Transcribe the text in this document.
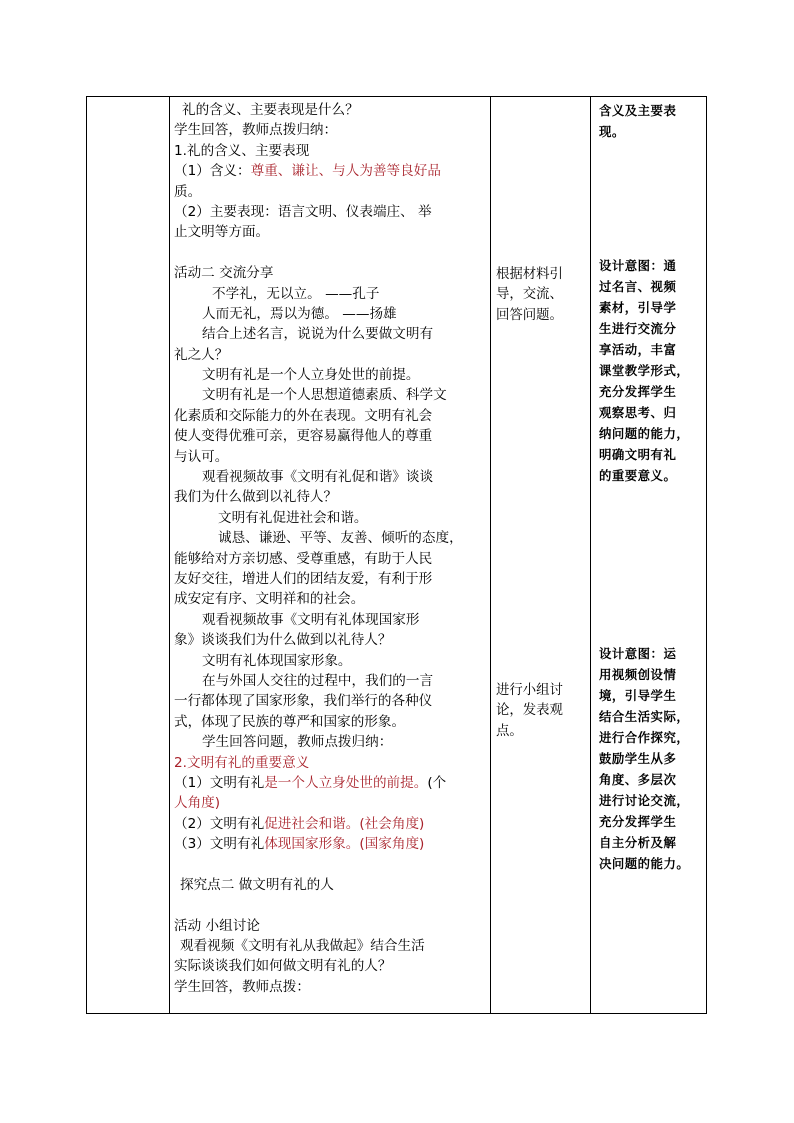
礼的含义、主要表现是什么？
学生回答，教师点拨归纳：
1.礼的含义、主要表现
（1）含义：尊重、谦让、与人为善等良好品
质。
（2）主要表现：语言文明、仪表端庄、 举
止文明等方面。
活动二 交流分享
不学礼，无以立。 ——孔子
人而无礼，焉以为德。 ——扬雄
结合上述名言，说说为什么要做文明有
礼之人？
文明有礼是一个人立身处世的前提。
文明有礼是一个人思想道德素质、科学文
化素质和交际能力的外在表现。文明有礼会
使人变得优雅可亲，更容易赢得他人的尊重
与认可。
观看视频故事《文明有礼促和谐》谈谈
我们为什么做到以礼待人？
文明有礼促进社会和谐。
诚恳、谦逊、平等、友善、倾听的态度，
能够给对方亲切感、受尊重感，有助于人民
友好交往，增进人们的团结友爱，有利于形
成安定有序、文明祥和的社会。
观看视频故事《文明有礼体现国家形
象》谈谈我们为什么做到以礼待人？
文明有礼体现国家形象。
在与外国人交往的过程中，我们的一言
一行都体现了国家形象，我们举行的各种仪
式，体现了民族的尊严和国家的形象。
学生回答问题，教师点拨归纳：
2.文明有礼的重要意义
（1）文明有礼是一个人立身处世的前提。(个
人角度)
（2）文明有礼促进社会和谐。(社会角度)
（3）文明有礼体现国家形象。(国家角度)
探究点二 做文明有礼的人
活动 小组讨论
观看视频《文明有礼从我做起》结合生活
实际谈谈我们如何做文明有礼的人？
学生回答，教师点拨：
根据材料引
导，交流、
回答问题。
进行小组讨
论，发表观
点。
含义及主要表
现。
设计意图：通
过名言、视频
素材，引导学
生进行交流分
享活动，丰富
课堂教学形式，
充分发挥学生
观察思考、归
纳问题的能力，
明确文明有礼
的重要意义。
设计意图：运
用视频创设情
境，引导学生
结合生活实际，
进行合作探究，
鼓励学生从多
角度、多层次
进行讨论交流，
充分发挥学生
自主分析及解
决问题的能力。
